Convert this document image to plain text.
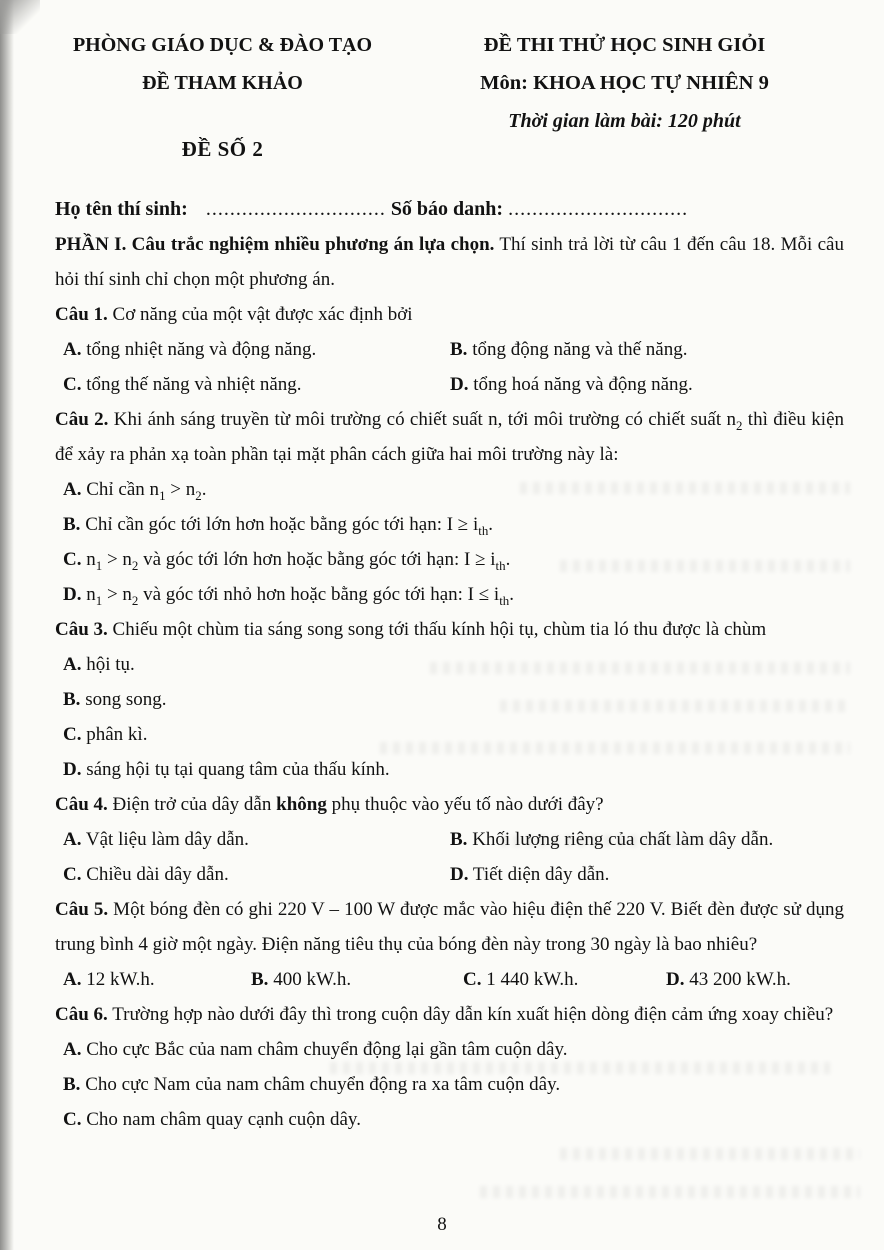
PHÒNG GIÁO DỤC & ĐÀO TẠO
ĐỀ THAM KHẢO
ĐỀ SỐ 2
ĐỀ THI THỬ HỌC SINH GIỎI
Môn: KHOA HỌC TỰ NHIÊN 9
Thời gian làm bài: 120 phút
Họ tên thí sinh: .............................. Số báo danh: ..............................

PHẦN I. Câu trắc nghiệm nhiều phương án lựa chọn. Thí sinh trả lời từ câu 1 đến câu 18. Mỗi câu hỏi thí sinh chỉ chọn một phương án.

Câu 1. Cơ năng của một vật được xác định bởi

A. tổng nhiệt năng và động năng.	B. tổng động năng và thế năng.
C. tổng thế năng và nhiệt năng.	D. tổng hoá năng và động năng.

Câu 2. Khi ánh sáng truyền từ môi trường có chiết suất n, tới môi trường có chiết suất $n_2$ thì điều kiện để xảy ra phản xạ toàn phần tại mặt phân cách giữa hai môi trường này là:

A. Chỉ cần $n_1 > n_2$.
B. Chỉ cần góc tới lớn hơn hoặc bằng góc tới hạn: $I \ge i_{th}$.
C. $n_1 > n_2$ và góc tới lớn hơn hoặc bằng góc tới hạn: $I \ge i_{th}$.
D. $n_1 > n_2$ và góc tới nhỏ hơn hoặc bằng góc tới hạn: $I \le i_{th}$.

Câu 3. Chiếu một chùm tia sáng song song tới thấu kính hội tụ, chùm tia ló thu được là chùm

A. hội tụ.
B. song song.
C. phân kì.
D. sáng hội tụ tại quang tâm của thấu kính.

Câu 4. Điện trở của dây dẫn không phụ thuộc vào yếu tố nào dưới đây?

A. Vật liệu làm dây dẫn.	B. Khối lượng riêng của chất làm dây dẫn.
C. Chiều dài dây dẫn.	D. Tiết diện dây dẫn.

Câu 5. Một bóng đèn có ghi 220 V – 100 W được mắc vào hiệu điện thế 220 V. Biết đèn được sử dụng trung bình 4 giờ một ngày. Điện năng tiêu thụ của bóng đèn này trong 30 ngày là bao nhiêu?

A. 12 kW.h.	B. 400 kW.h.	C. 1 440 kW.h.	D. 43 200 kW.h.

Câu 6. Trường hợp nào dưới đây thì trong cuộn dây dẫn kín xuất hiện dòng điện cảm ứng xoay chiều?

A. Cho cực Bắc của nam châm chuyển động lại gần tâm cuộn dây.
B. Cho cực Nam của nam châm chuyển động ra xa tâm cuộn dây.
C. Cho nam châm quay cạnh cuộn dây.
8
